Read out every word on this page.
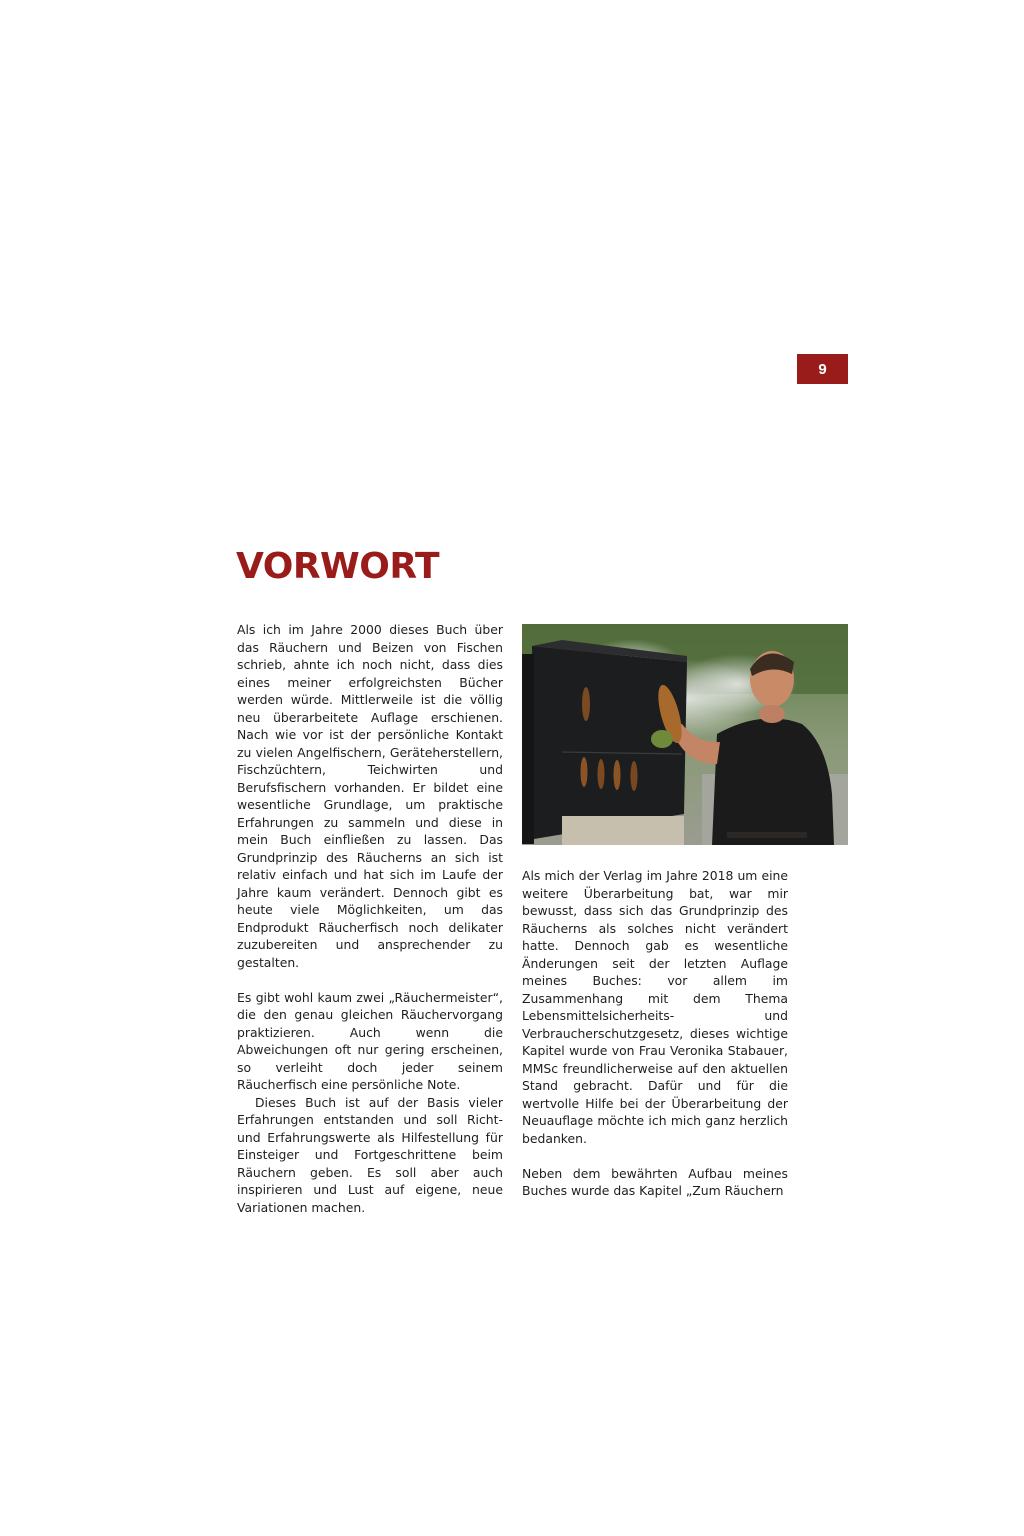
9
VORWORT

Als ich im Jahre 2000 dieses Buch über das Räuchern und Beizen von Fischen schrieb, ahnte ich noch nicht, dass dies eines meiner erfolgreichsten Bücher werden würde. Mittlerweile ist die völlig neu überarbeitete Auflage erschienen. Nach wie vor ist der persönliche Kontakt zu vielen Angelfischern, Geräteherstellern, Fischzüchtern, Teichwirten und Berufsfischern vorhanden. Er bildet eine wesentliche Grundlage, um praktische Erfahrungen zu sammeln und diese in mein Buch einfließen zu lassen. Das Grundprinzip des Räucherns an sich ist relativ einfach und hat sich im Laufe der Jahre kaum verändert. Dennoch gibt es heute viele Möglichkeiten, um das Endprodukt Räucherfisch noch delikater zuzubereiten und ansprechender zu gestalten.

Es gibt wohl kaum zwei „Räuchermeister“, die den genau gleichen Räuchervorgang praktizieren. Auch wenn die Abweichungen oft nur gering erscheinen, so verleiht doch jeder seinem Räucherfisch eine persönliche Note.

Dieses Buch ist auf der Basis vieler Erfahrungen entstanden und soll Richt- und Erfahrungswerte als Hilfestellung für Einsteiger und Fortgeschrittene beim Räuchern geben. Es soll aber auch inspirieren und Lust auf eigene, neue Variationen machen.

Als mich der Verlag im Jahre 2018 um eine weitere Überarbeitung bat, war mir bewusst, dass sich das Grundprinzip des Räucherns als solches nicht verändert hatte. Dennoch gab es wesentliche Änderungen seit der letzten Auflage meines Buches: vor allem im Zusammenhang mit dem Thema Lebensmittelsicherheits- und Verbraucherschutzgesetz, dieses wichtige Kapitel wurde von Frau Veronika Stabauer, MMSc freundlicherweise auf den aktuellen Stand gebracht. Dafür und für die wertvolle Hilfe bei der Überarbeitung der Neuauflage möchte ich mich ganz herzlich bedanken.

Neben dem bewährten Aufbau meines Buches wurde das Kapitel „Zum Räuchern
